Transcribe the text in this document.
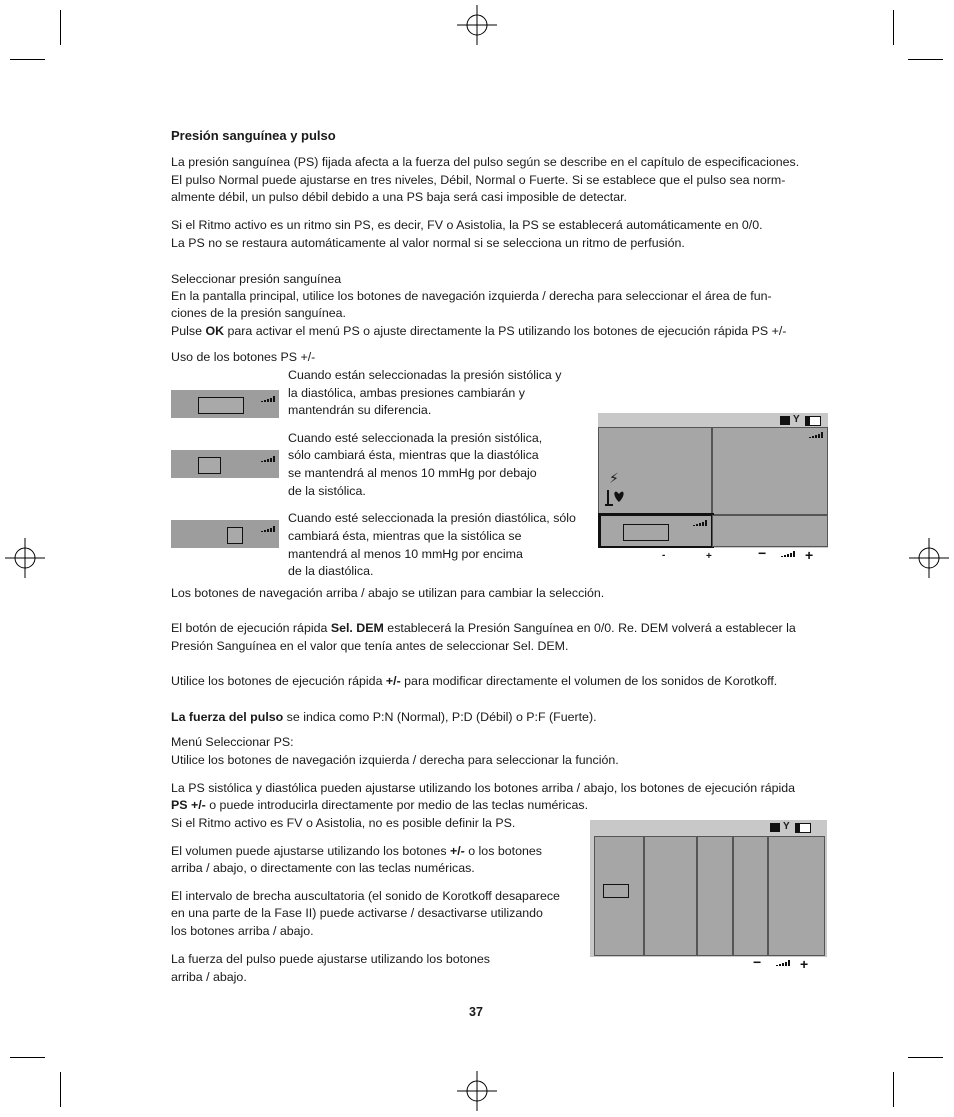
Presión sanguínea y pulso

La presión sanguínea (PS) fijada afecta a la fuerza del pulso según se describe en el capítulo de especificaciones.

El pulso Normal puede ajustarse en tres niveles, Débil, Normal o Fuerte. Si se establece que el pulso sea norm-

almente débil, un pulso débil debido a una PS baja será casi imposible de detectar.

Si el Ritmo activo es un ritmo sin PS, es decir, FV o Asistolia, la PS se establecerá automáticamente en 0/0.

La PS no se restaura automáticamente al valor normal si se selecciona un ritmo de perfusión.

Seleccionar presión sanguínea

En la pantalla principal, utilice los botones de navegación izquierda / derecha para seleccionar el área de fun-

ciones de la presión sanguínea.

Pulse OK para activar el menú PS o ajuste directamente la PS utilizando los botones de ejecución rápida PS +/-

Uso de los botones PS +/-

Cuando están seleccionadas la presión sistólica y

la diastólica, ambas presiones cambiarán y

mantendrán su diferencia.

Cuando esté seleccionada la presión sistólica,

sólo cambiará ésta, mientras que la diastólica

se mantendrá al menos 10 mmHg por debajo

de la sistólica.

Cuando esté seleccionada la presión diastólica, sólo

cambiará ésta, mientras que la sistólica se

mantendrá al menos 10 mmHg por encima

de la diastólica.

Y
⚡
-	+	−	+

Los botones de navegación arriba / abajo se utilizan para cambiar la selección.

El botón de ejecución rápida Sel. DEM establecerá la Presión Sanguínea en 0/0. Re. DEM volverá a establecer la

Presión Sanguínea en el valor que tenía antes de seleccionar Sel. DEM.

Utilice los botones de ejecución rápida +/- para modificar directamente el volumen de los sonidos de Korotkoff.

La fuerza del pulso se indica como P:N (Normal), P:D (Débil) o P:F (Fuerte).

Menú Seleccionar PS:

Utilice los botones de navegación izquierda / derecha para seleccionar la función.

La PS sistólica y diastólica pueden ajustarse utilizando los botones arriba / abajo, los botones de ejecución rápida

PS +/- o puede introducirla directamente por medio de las teclas numéricas.

Si el Ritmo activo es FV o Asistolia, no es posible definir la PS.

El volumen puede ajustarse utilizando los botones +/- o los botones

arriba / abajo, o directamente con las teclas numéricas.

El intervalo de brecha auscultatoria (el sonido de Korotkoff desaparece

en una parte de la Fase II) puede activarse / desactivarse utilizando

los botones arriba / abajo.

La fuerza del pulso puede ajustarse utilizando los botones

arriba / abajo.

Y
−	+

37
